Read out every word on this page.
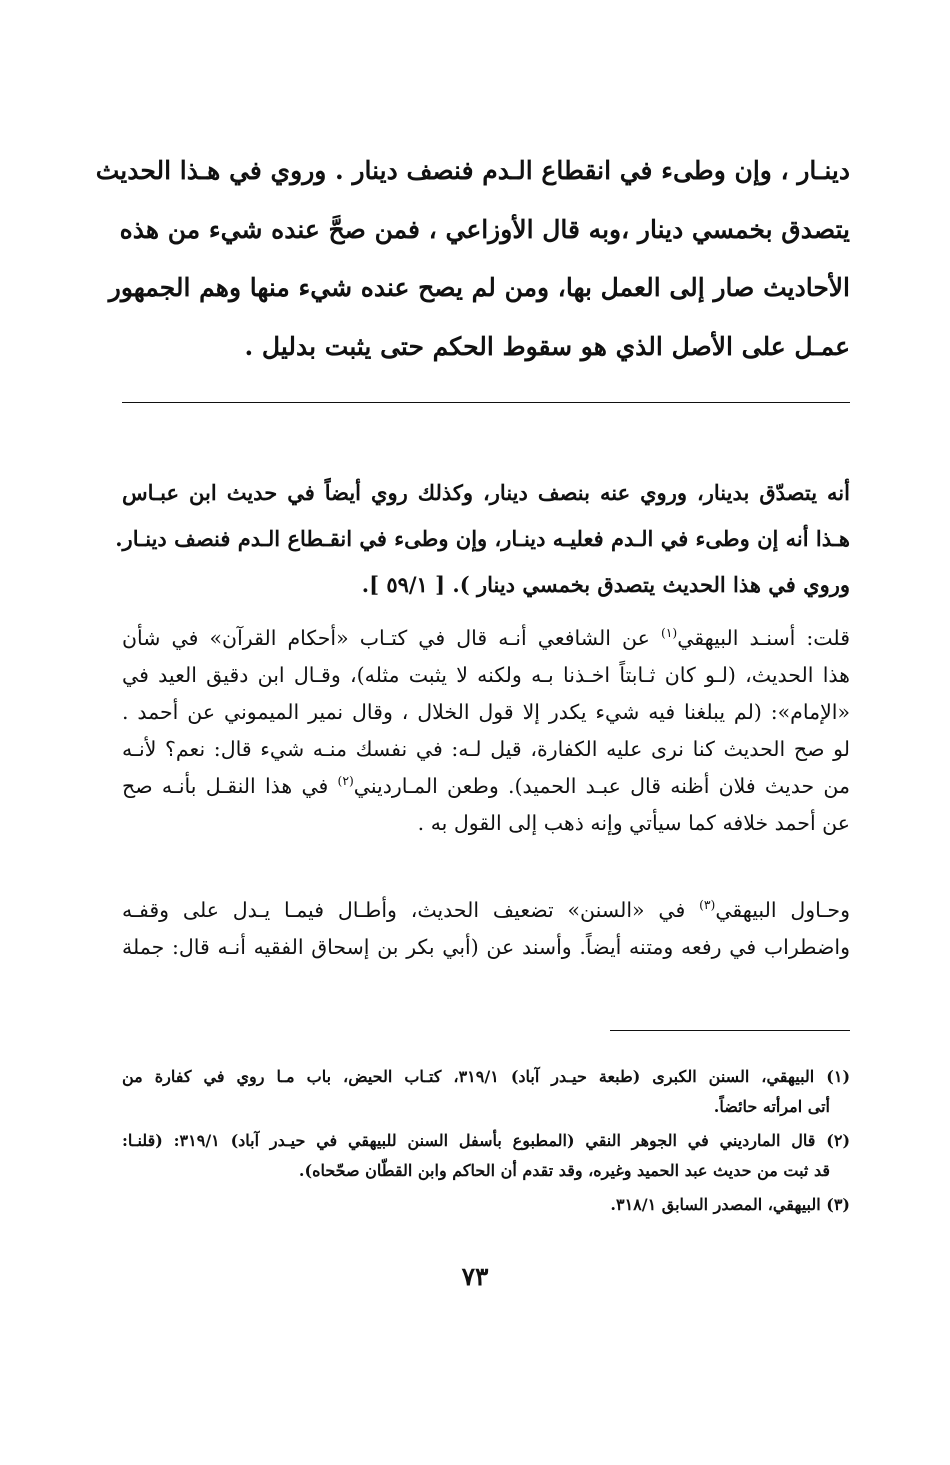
دينـار ، وإن وطىء في انقطاع الـدم فنصف دينار . وروي في هـذا الحديث
يتصدق بخمسي دينار ،وبه قال الأوزاعي ، فمن صحَّ عنده شيء من هذه
الأحاديث صار إلى العمل بها، ومن لم يصح عنده شيء منها وهم الجمهور
عمـل على الأصل الذي هو سقوط الحكم حتى يثبت بدليل .
أنه يتصدّق بدينار، وروي عنه بنصف دينار، وكذلك روي أيضاً في حديث ابن عبـاس
هـذا أنه إن وطىء في الـدم فعليـه دينـار، وإن وطىء في انقـطاع الـدم فنصف دينـار.
وروي في هذا الحديث يتصدق بخمسي دينار ). [ ٥٩/١ ].
قلت: أسنـد البيهقي$^{(١)}$ عن الشافعي أنـه قال في كتـاب «أحكام القرآن» في شأن
هذا الحديث، (لـو كان ثـابتاً اخـذنا بـه ولكنه لا يثبت مثله)، وقـال ابن دقيق العيد في
«الإمام»: (لم يبلغنا فيه شيء يكدر إلا قول الخلال ، وقال نمير الميموني عن أحمد .
لو صح الحديث كنا نرى عليه الكفارة، قيل لـه: في نفسك منـه شيء قال: نعم؟ لأنـه
من حديث فلان أظنه قال عبـد الحميد). وطعن المـارديني$^{(٢)}$ في هذا النقـل بأنـه صح
عن أحمد خلافه كما سيأتي وإنه ذهب إلى القول به .
وحـاول البيهقي$^{(٣)}$ في «السنن» تضعيف الحديث، وأطـال فيمـا يـدل على وقفـه
واضطراب في رفعه ومتنه أيضاً. وأسند عن (أبي بكر بن إسحاق الفقيه أنـه قال: جملة
(١) البيهقي، السنن الكبرى (طبعة حيـدر آباد) ٣١٩/١، كتـاب الحيض، باب مـا روي في كفارة من
أتى امرأته حائضاً.
(٢) قال المارديني في الجوهر النقي (المطبوع بأسفل السنن للبيهقي في حيـدر آباد) ٣١٩/١: (قلنـا:
قد ثبت من حديث عبد الحميد وغيره، وقد تقدم أن الحاكم وابن القطّان صحّحاه).
(٣) البيهقي، المصدر السابق ٣١٨/١.
٧٣
